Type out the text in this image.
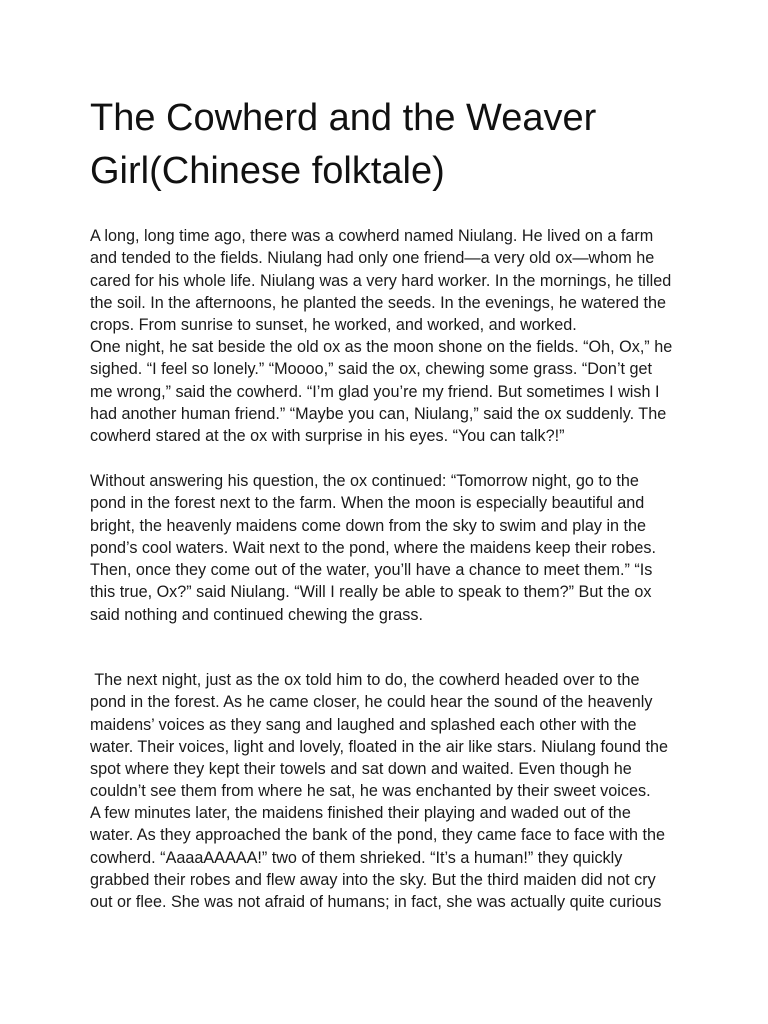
The Cowherd and the Weaver
Girl(Chinese folktale)

A long, long time ago, there was a cowherd named Niulang. He lived on a farm
and tended to the fields. Niulang had only one friend—a very old ox—whom he
cared for his whole life. Niulang was a very hard worker. In the mornings, he tilled
the soil. In the afternoons, he planted the seeds. In the evenings, he watered the
crops. From sunrise to sunset, he worked, and worked, and worked.

One night, he sat beside the old ox as the moon shone on the fields. “Oh, Ox,” he
sighed. “I feel so lonely.” “Moooo,” said the ox, chewing some grass. “Don’t get
me wrong,” said the cowherd. “I’m glad you’re my friend. But sometimes I wish I
had another human friend.” “Maybe you can, Niulang,” said the ox suddenly. The
cowherd stared at the ox with surprise in his eyes. “You can talk?!”

Without answering his question, the ox continued: “Tomorrow night, go to the
pond in the forest next to the farm. When the moon is especially beautiful and
bright, the heavenly maidens come down from the sky to swim and play in the
pond’s cool waters. Wait next to the pond, where the maidens keep their robes.
Then, once they come out of the water, you’ll have a chance to meet them.” “Is
this true, Ox?” said Niulang. “Will I really be able to speak to them?” But the ox
said nothing and continued chewing the grass.

The next night, just as the ox told him to do, the cowherd headed over to the
pond in the forest. As he came closer, he could hear the sound of the heavenly
maidens’ voices as they sang and laughed and splashed each other with the
water. Their voices, light and lovely, floated in the air like stars. Niulang found the
spot where they kept their towels and sat down and waited. Even though he
couldn’t see them from where he sat, he was enchanted by their sweet voices.

A few minutes later, the maidens finished their playing and waded out of the
water. As they approached the bank of the pond, they came face to face with the
cowherd. “AaaaAAAAA!” two of them shrieked. “It’s a human!” they quickly
grabbed their robes and flew away into the sky. But the third maiden did not cry
out or flee. She was not afraid of humans; in fact, she was actually quite curious
